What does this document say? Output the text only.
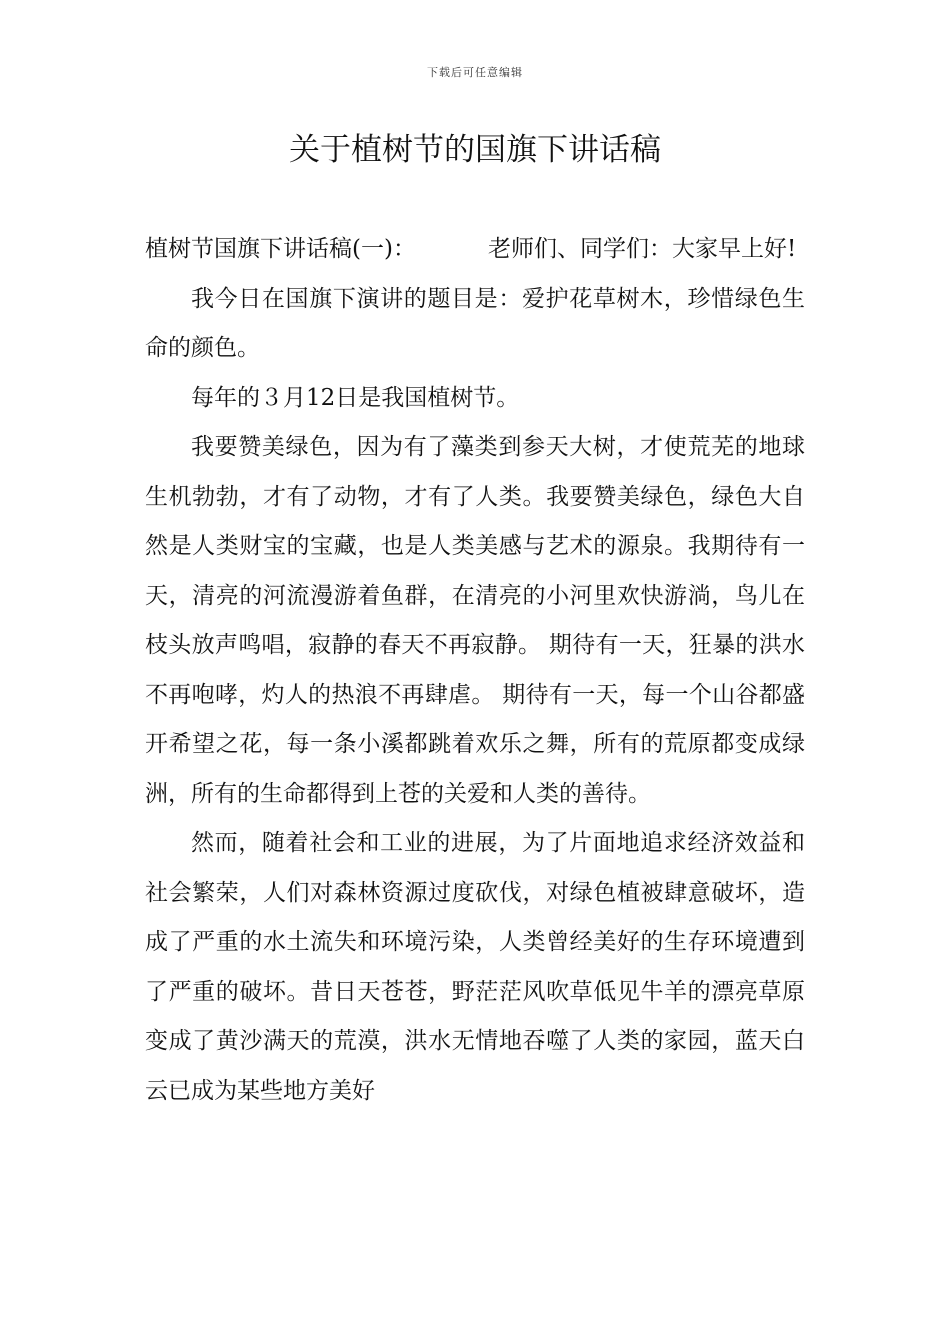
下载后可任意编辑
关于植树节的国旗下讲话稿

植树节国旗下讲话稿(一)：	老师们、同学们：大家早上好!

我今日在国旗下演讲的题目是：爱护花草树木，珍惜绿色生命的颜色。

每年的３月12日是我国植树节。

我要赞美绿色，因为有了藻类到参天大树，才使荒芜的地球生机勃勃，才有了动物，才有了人类。我要赞美绿色，绿色大自然是人类财宝的宝藏，也是人类美感与艺术的源泉。我期待有一天，清亮的河流漫游着鱼群，在清亮的小河里欢快游淌，鸟儿在枝头放声鸣唱，寂静的春天不再寂静。 期待有一天，狂暴的洪水不再咆哮，灼人的热浪不再肆虐。 期待有一天，每一个山谷都盛开希望之花，每一条小溪都跳着欢乐之舞，所有的荒原都变成绿洲，所有的生命都得到上苍的关爱和人类的善待。

然而，随着社会和工业的进展，为了片面地追求经济效益和社会繁荣，人们对森林资源过度砍伐，对绿色植被肆意破坏，造成了严重的水土流失和环境污染，人类曾经美好的生存环境遭到了严重的破坏。昔日天苍苍，野茫茫风吹草低见牛羊的漂亮草原变成了黄沙满天的荒漠，洪水无情地吞噬了人类的家园，蓝天白云已成为某些地方美好
